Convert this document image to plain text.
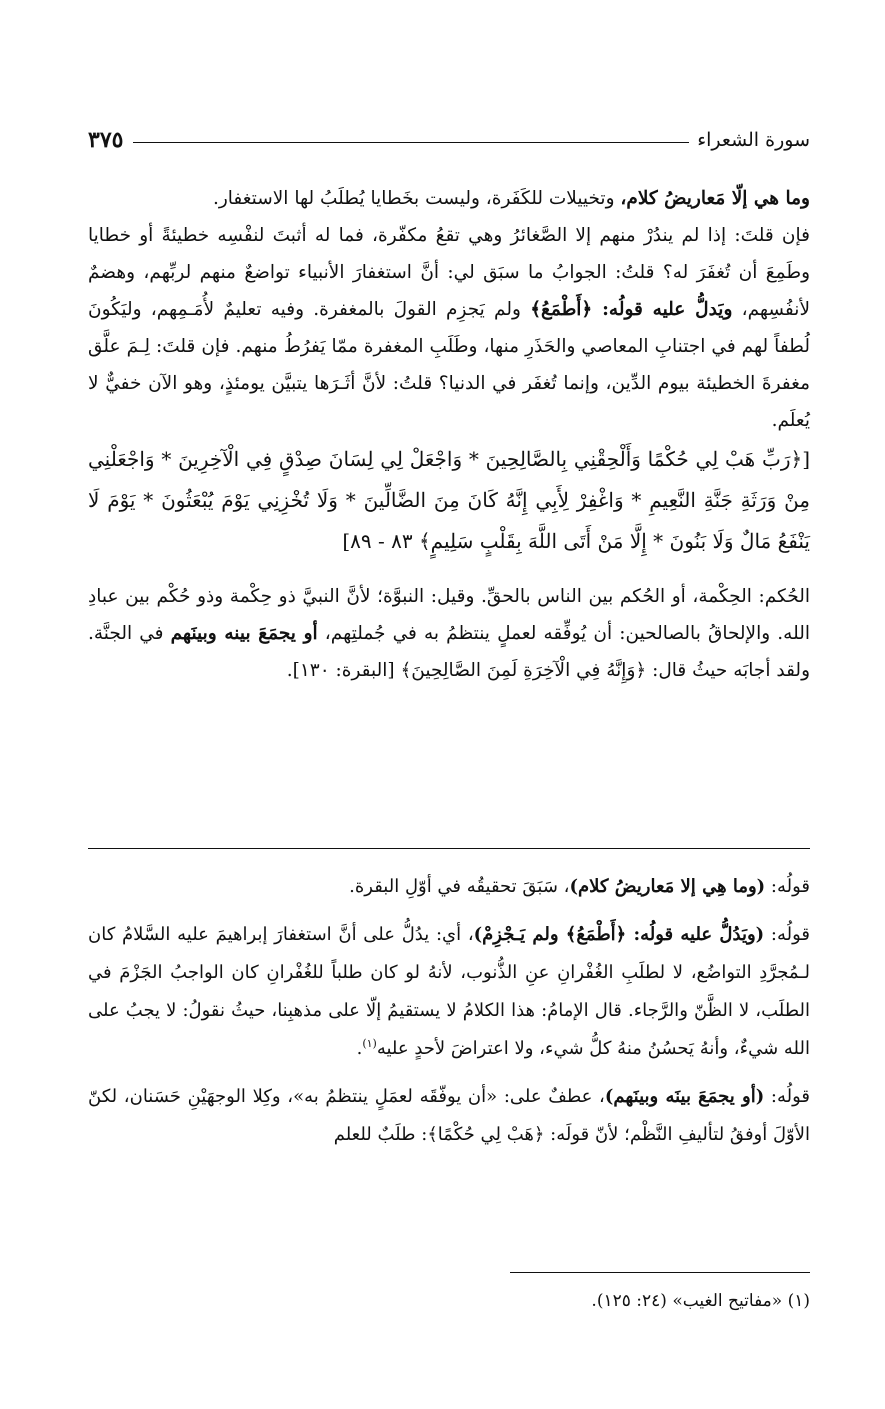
سورة الشعراء
٣٧٥

وما هي إلّا مَعاريضُ كلام، وتخييلات للكَفَرة، وليست بخَطايا يُطلَبُ لها الاستغفار.

فإن قلتَ: إذا لم يندُرْ منهم إلا الصَّغائرُ وهي تقعُ مكفّرة، فما له أثبتَ لنفْسِه خطيئةً أو خطايا وطَمِعَ أن تُغفَرَ له؟ قلتُ: الجوابُ ما سبَق لي: أنَّ استغفارَ الأنبياء تواضعٌ منهم لربِّهم، وهضمٌ لأنفُسِهم، ويَدلُّ عليه قولُه: ﴿أَطْمَعُ﴾ ولم يَجزِم القولَ بالمغفرة. وفيه تعليمٌ لأُمَـمِهم، وليَكُونَ لُطفاً لهم في اجتنابِ المعاصي والحَذَرِ منها، وطَلَبِ المغفرة ممّا يَفرُطُ منهم. فإن قلتَ: لِـمَ علَّق مغفرةَ الخطيئة بيوم الدِّين، وإنما تُغفَر في الدنيا؟ قلتُ: لأنَّ أثَـرَها يتبيَّن يومئذٍ، وهو الآن خفيٌّ لا يُعلَم.

[﴿رَبِّ هَبْ لِي حُكْمًا وَأَلْحِقْنِي بِالصَّالِحِينَ * وَاجْعَلْ لِي لِسَانَ صِدْقٍ فِي الْآخِرِينَ * وَاجْعَلْنِي مِنْ وَرَثَةِ جَنَّةِ النَّعِيمِ * وَاغْفِرْ لِأَبِي إِنَّهُ كَانَ مِنَ الضَّالِّينَ * وَلَا تُخْزِنِي يَوْمَ يُبْعَثُونَ * يَوْمَ لَا يَنْفَعُ مَالٌ وَلَا بَنُونَ * إِلَّا مَنْ أَتَى اللَّهَ بِقَلْبٍ سَلِيمٍ﴾ ٨٣ - ٨٩]

الحُكم: الحِكْمة، أو الحُكم بين الناس بالحقِّ. وقيل: النبوَّة؛ لأنَّ النبيَّ ذو حِكْمة وذو حُكْم بين عبادِ الله. والإلحاقُ بالصالحين: أن يُوفِّقه لعملٍ ينتظمُ به في جُملتِهم، أو يجمَعَ بينه وبينَهم في الجنَّة. ولقد أجابَه حيثُ قال: ﴿وَإِنَّهُ فِي الْآخِرَةِ لَمِنَ الصَّالِحِينَ﴾ [البقرة: ١٣٠].

قولُه: (وما هِي إلا مَعاريضُ كلام)، سَبَقَ تحقيقُه في أوّلِ البقرة.

قولُه: (ويَدُلُّ عليه قولُه: ﴿أَطْمَعُ﴾ ولم يَـجْزِمْ)، أي: يدُلُّ على أنَّ استغفارَ إبراهيمَ عليه السَّلامُ كان لـمُجرَّدِ التواضُع، لا لطلَبِ الغُفْرانِ عنِ الذُّنوب، لأنهُ لو كان طلباً للغُفْرانِ كان الواجبُ الجَزْمَ في الطلَب، لا الظَّنّ والرَّجاء. قال الإمامُ: هذا الكلامُ لا يستقيمُ إلّا على مذهبِنا، حيثُ نقولُ: لا يجبُ على الله شيءٌ، وأنهُ يَحسُنُ منهُ كلُّ شيء، ولا اعتراضَ لأحدٍ عليه$^{(١)}$.

قولُه: (أو يجمَعَ بينَه وبينَهم)، عطفٌ على: «أن يوفّقَه لعمَلٍ ينتظمُ به»، وكِلا الوجهَيْنِ حَسَنان، لكنّ الأوّلَ أوفقُ لتأليفِ النَّظْم؛ لأنّ قولَه: ﴿هَبْ لِي حُكْمًا﴾: طلَبٌ للعلم

(١) «مفاتيح الغيب» (٢٤: ١٢٥).
